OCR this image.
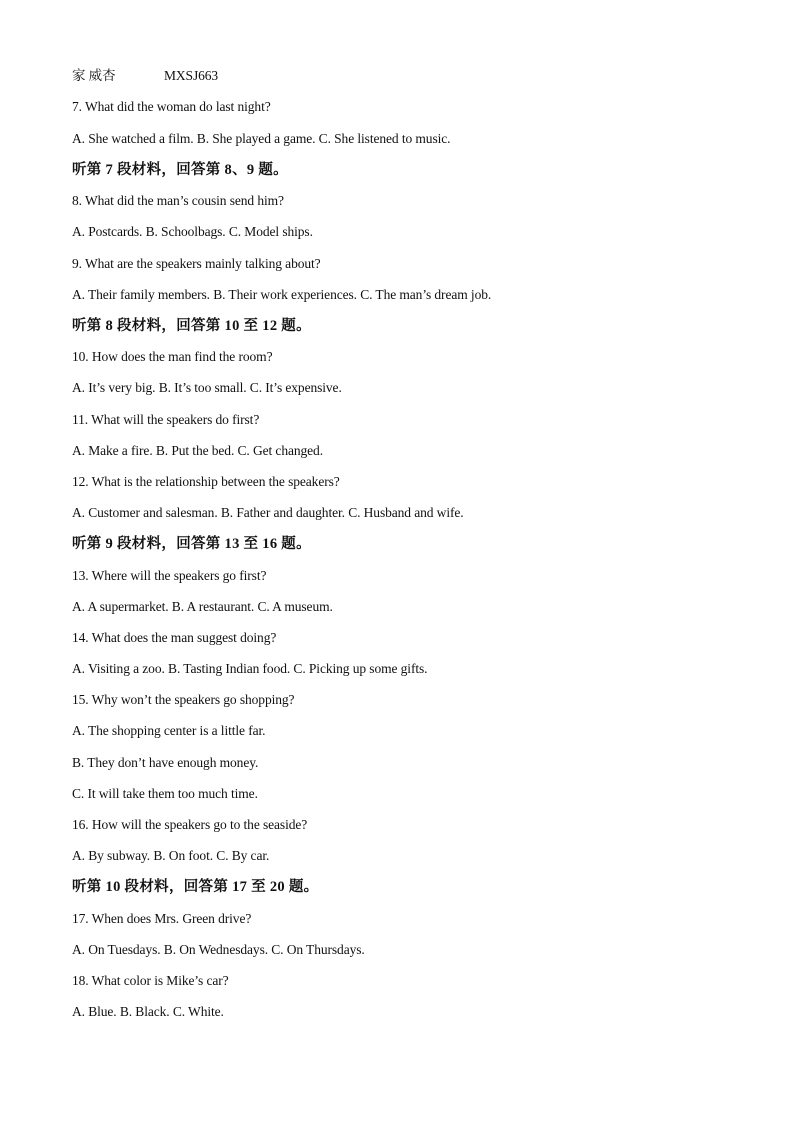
家 威杏	MXSJ663
7. What did the woman do last night?
A. She watched a film. B. She played a game. C. She listened to music.
听第 7 段材料，回答第 8、9 题。
8. What did the man’s cousin send him?
A. Postcards. B. Schoolbags. C. Model ships.
9. What are the speakers mainly talking about?
A. Their family members. B. Their work experiences. C. The man’s dream job.
听第 8 段材料，回答第 10 至 12 题。
10. How does the man find the room?
A. It’s very big. B. It’s too small. C. It’s expensive.
11. What will the speakers do first?
A. Make a fire. B. Put the bed. C. Get changed.
12. What is the relationship between the speakers?
A. Customer and salesman. B. Father and daughter. C. Husband and wife.
听第 9 段材料，回答第 13 至 16 题。
13. Where will the speakers go first?
A. A supermarket. B. A restaurant. C. A museum.
14. What does the man suggest doing?
A. Visiting a zoo. B. Tasting Indian food. C. Picking up some gifts.
15. Why won’t the speakers go shopping?
A. The shopping center is a little far.
B. They don’t have enough money.
C. It will take them too much time.
16. How will the speakers go to the seaside?
A. By subway. B. On foot. C. By car.
听第 10 段材料，回答第 17 至 20 题。
17. When does Mrs. Green drive?
A. On Tuesdays. B. On Wednesdays. C. On Thursdays.
18. What color is Mike’s car?
A. Blue. B. Black. C. White.
